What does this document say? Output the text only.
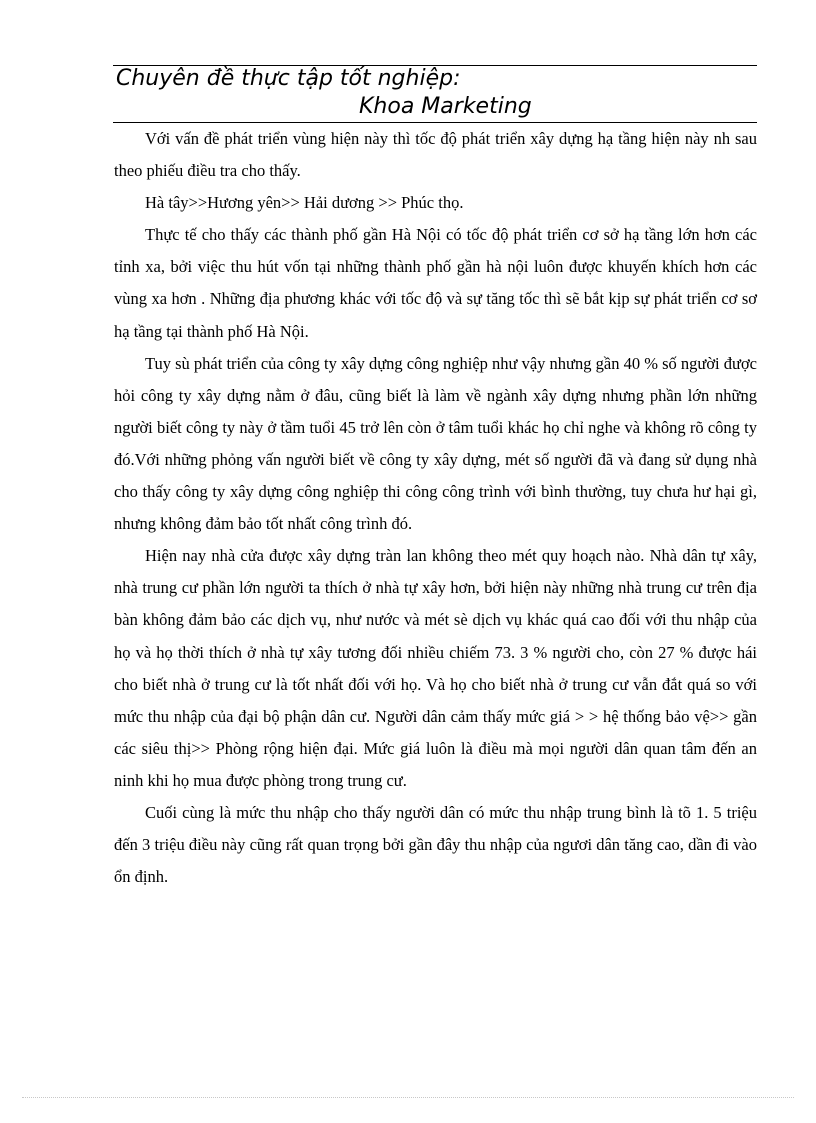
Chuyên đề thực tập tốt nghiệp:
Khoa Marketing

Với vấn đề phát triển vùng hiện này thì tốc độ phát triển xây dựng hạ tầng hiện này nh sau theo phiếu điều tra cho thấy.

Hà tây>>Hương yên>> Hải dương >> Phúc thọ.

Thực tế cho thấy các thành phố gần Hà Nội có tốc độ phát triển cơ sở hạ tầng lớn hơn các tỉnh xa, bởi việc thu hút vốn tại những thành phố gần hà nội luôn được khuyến khích hơn các vùng xa hơn . Những địa phương khác với tốc độ và sự tăng tốc thì sẽ bắt kịp sự phát triển cơ sơ hạ tầng tại thành phố Hà Nội.

Tuy sù phát triển của công ty xây dựng công nghiệp như vậy nhưng gần 40 % số người được hỏi công ty xây dựng nằm ở đâu, cũng biết là làm về ngành xây dựng nhưng phần lớn những người biết công ty này ở tầm tuổi 45 trở lên còn ở tâm tuổi khác họ chỉ nghe và không rõ công ty đó.Với những phỏng vấn người biết về công ty xây dựng, mét số người đã và đang sử dụng nhà cho thấy công ty xây dựng công nghiệp thi công công trình với bình thường, tuy chưa hư hại gì, nhưng không đảm bảo tốt nhất công trình đó.

Hiện nay nhà cửa được xây dựng tràn lan không theo mét quy hoạch nào. Nhà dân tự xây, nhà trung cư phần lớn người ta thích ở nhà tự xây hơn, bởi hiện này những nhà trung cư trên địa bàn không đảm bảo các dịch vụ, như nước và mét sè dịch vụ khác quá cao đối với thu nhập của họ và họ thời thích ở nhà tự xây tương đối nhiều chiếm 73. 3 % người cho, còn 27 % được hái cho biết nhà ở trung cư là tốt nhất đối với họ. Và họ cho biết nhà ở trung cư vẫn đắt quá so với mức thu nhập của đại bộ phận dân cư. Người dân cảm thấy mức giá > > hệ thống bảo vệ>> gần các siêu thị>> Phòng rộng hiện đại. Mức giá luôn là điều mà mọi người dân quan tâm đến an ninh khi họ mua được phòng trong trung cư.

Cuối cùng là mức thu nhập cho thấy người dân có mức thu nhập trung bình là tõ 1. 5 triệu đến 3 triệu điều này cũng rất quan trọng bởi gần đây thu nhập của ngươi dân tăng cao, dần đi vào ổn định.
